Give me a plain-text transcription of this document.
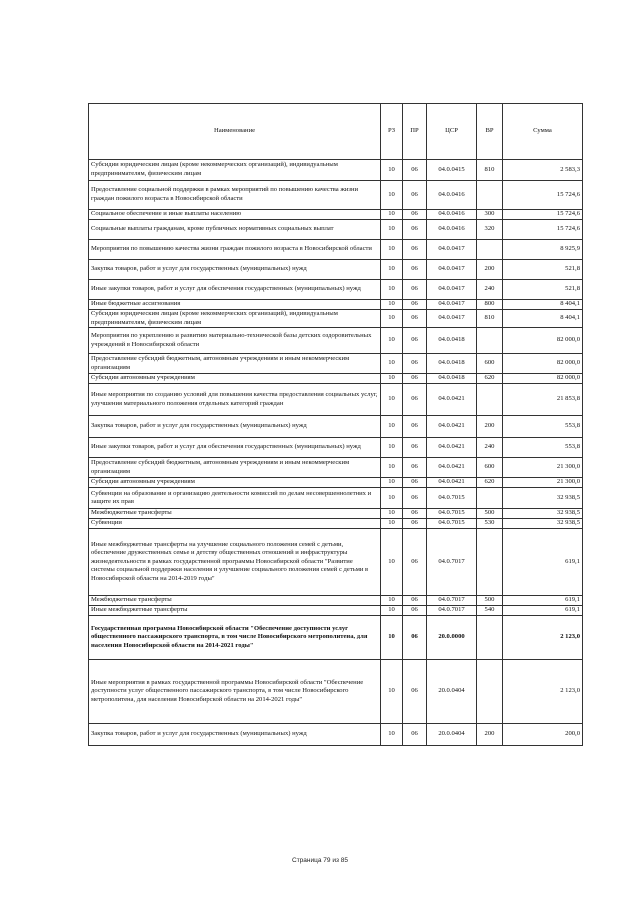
Наименование	РЗ	ПР	ЦСР	ВР	Сумма
Субсидии юридическим лицам (кроме некоммерческих организаций), индивидуальным предпринимателям, физическим лицам	10	06	04.0.0415	810	2 583,3
Предоставление социальной поддержки в рамках мероприятий по повышению качества жизни граждан пожилого возраста в Новосибирской области	10	06	04.0.0416		15 724,6
Социальное обеспечение и иные выплаты населению	10	06	04.0.0416	300	15 724,6
Социальные выплаты гражданам, кроме публичных нормативных социальных выплат	10	06	04.0.0416	320	15 724,6
Мероприятия по повышению качества жизни граждан пожилого возраста в Новосибирской области	10	06	04.0.0417		8 925,9
Закупка товаров, работ и услуг для государственных (муниципальных) нужд	10	06	04.0.0417	200	521,8
Иные закупки товаров, работ и услуг для обеспечения государственных (муниципальных) нужд	10	06	04.0.0417	240	521,8
Иные бюджетные ассигнования	10	06	04.0.0417	800	8 404,1
Субсидии юридическим лицам (кроме некоммерческих организаций), индивидуальным предпринимателям, физическим лицам	10	06	04.0.0417	810	8 404,1
Мероприятия по укреплению и развитию материально-технической базы детских оздоровительных учреждений в Новосибирской области	10	06	04.0.0418		82 000,0
Предоставление субсидий бюджетным, автономным учреждениям и иным некоммерческим организациям	10	06	04.0.0418	600	82 000,0
Субсидии автономным учреждениям	10	06	04.0.0418	620	82 000,0
Иные мероприятия по созданию условий для повышения качества предоставления социальных услуг, улучшения материального положения отдельных категорий граждан	10	06	04.0.0421		21 853,8
Закупка товаров, работ и услуг для государственных (муниципальных) нужд	10	06	04.0.0421	200	553,8
Иные закупки товаров, работ и услуг для обеспечения государственных (муниципальных) нужд	10	06	04.0.0421	240	553,8
Предоставление субсидий бюджетным, автономным учреждениям и иным некоммерческим организациям	10	06	04.0.0421	600	21 300,0
Субсидии автономным учреждениям	10	06	04.0.0421	620	21 300,0
Субвенции на образование и организацию деятельности комиссий по делам несовершеннолетних и защите их прав	10	06	04.0.7015		32 938,5
Межбюджетные трансферты	10	06	04.0.7015	500	32 938,5
Субвенции	10	06	04.0.7015	530	32 938,5
Иные межбюджетные трансферты на улучшение социального положения семей с детьми, обеспечение дружественных семье и детству общественных отношений и инфраструктуры жизнедеятельности в рамках государственной программы Новосибирской области "Развитие системы социальной поддержки населения и улучшение социального положения семей с детьми в Новосибирской области на 2014-2019 годы"	10	06	04.0.7017		619,1
Межбюджетные трансферты	10	06	04.0.7017	500	619,1
Иные межбюджетные трансферты	10	06	04.0.7017	540	619,1
Государственная программа Новосибирской области "Обеспечение доступности услуг общественного пассажирского транспорта, в том числе Новосибирского метрополитена, для населения Новосибирской области на 2014-2021 годы"	10	06	20.0.0000		2 123,0
Иные мероприятия в рамках государственной программы Новосибирской области "Обеспечение доступности услуг общественного пассажирского транспорта, в том числе Новосибирского метрополитена, для населения Новосибирской области на 2014-2021 годы"	10	06	20.0.0404		2 123,0
Закупка товаров, работ и услуг для государственных (муниципальных) нужд	10	06	20.0.0404	200	200,0
Страница 79 из 85
